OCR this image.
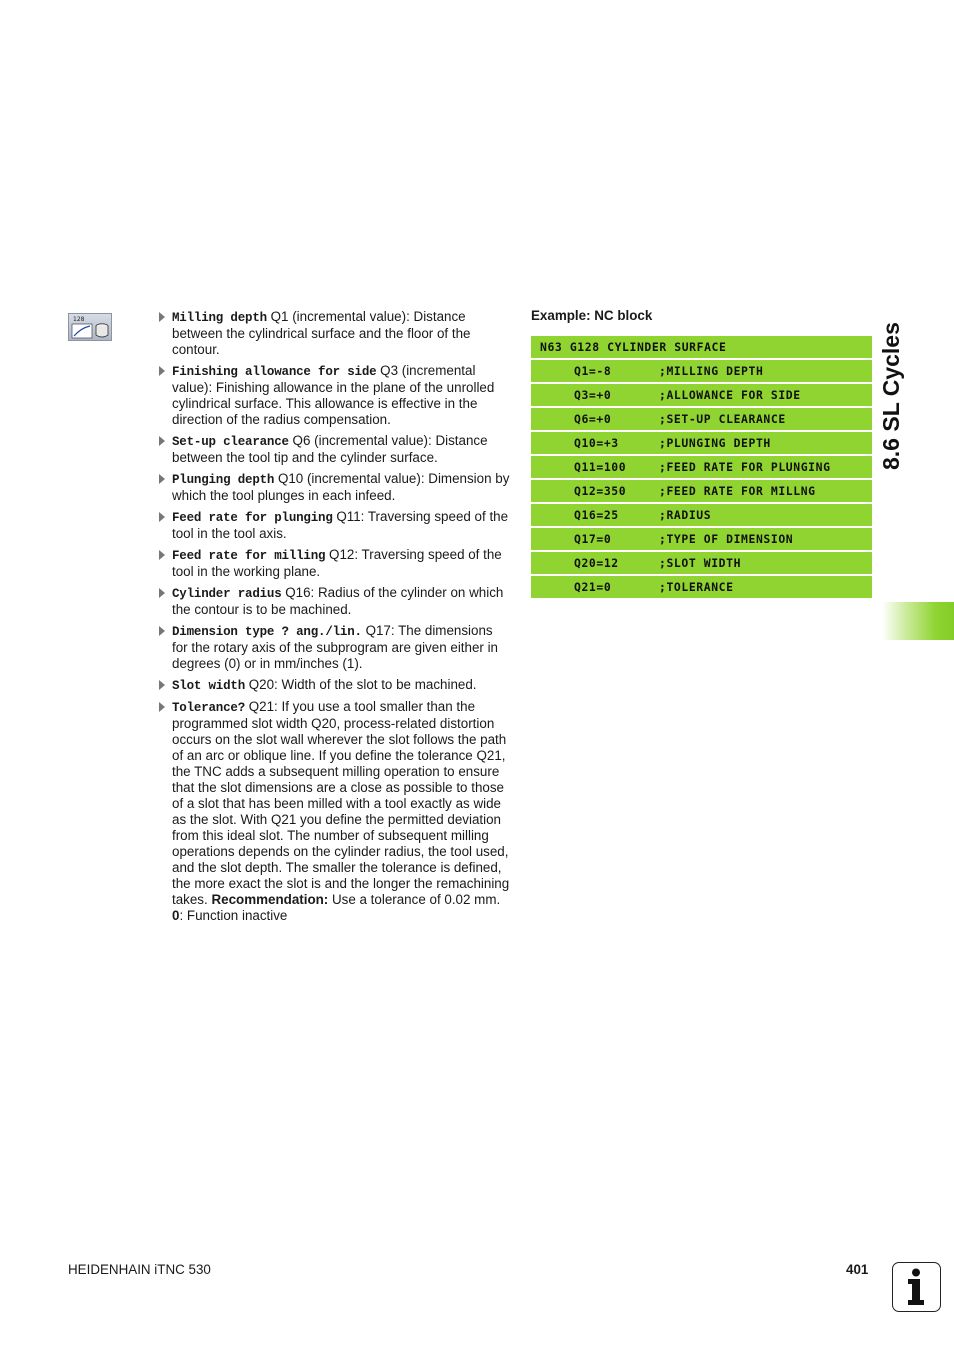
128	Milling depth Q1 (incremental value): Distance between the cylindrical surface and the floor of the contour.
Finishing allowance for side Q3 (incremental value): Finishing allowance in the plane of the unrolled cylindrical surface. This allowance is effective in the direction of the radius compensation.
Set-up clearance Q6 (incremental value): Distance between the tool tip and the cylinder surface.
Plunging depth Q10 (incremental value): Dimension by which the tool plunges in each infeed.
Feed rate for plunging Q11: Traversing speed of the tool in the tool axis.
Feed rate for milling Q12: Traversing speed of the tool in the working plane.
Cylinder radius Q16: Radius of the cylinder on which the contour is to be machined.
Dimension type ? ang./lin. Q17: The dimensions for the rotary axis of the subprogram are given either in degrees (0) or in mm/inches (1).
Slot width Q20: Width of the slot to be machined.
Tolerance? Q21: If you use a tool smaller than the programmed slot width Q20, process-related distortion occurs on the slot wall wherever the slot follows the path of an arc or oblique line. If you define the tolerance Q21, the TNC adds a subsequent milling operation to ensure that the slot dimensions are a close as possible to those of a slot that has been milled with a tool exactly as wide as the slot. With Q21 you define the permitted deviation from this ideal slot. The number of subsequent milling operations depends on the cylinder radius, the tool used, and the slot depth. The smaller the tolerance is defined, the more exact the slot is and the longer the remachining takes. Recommendation: Use a tolerance of 0.02 mm.
0: Function inactive
Example: NC block
N63 G128 CYLINDER SURFACE
Q1=-8	;MILLING DEPTH
Q3=+0	;ALLOWANCE FOR SIDE
Q6=+0	;SET-UP CLEARANCE
Q10=+3	;PLUNGING DEPTH
Q11=100	;FEED RATE FOR PLUNGING
Q12=350	;FEED RATE FOR MILLNG
Q16=25	;RADIUS
Q17=0	;TYPE OF DIMENSION
Q20=12	;SLOT WIDTH
Q21=0	;TOLERANCE
8.6 SL Cycles
HEIDENHAIN iTNC 530	401
